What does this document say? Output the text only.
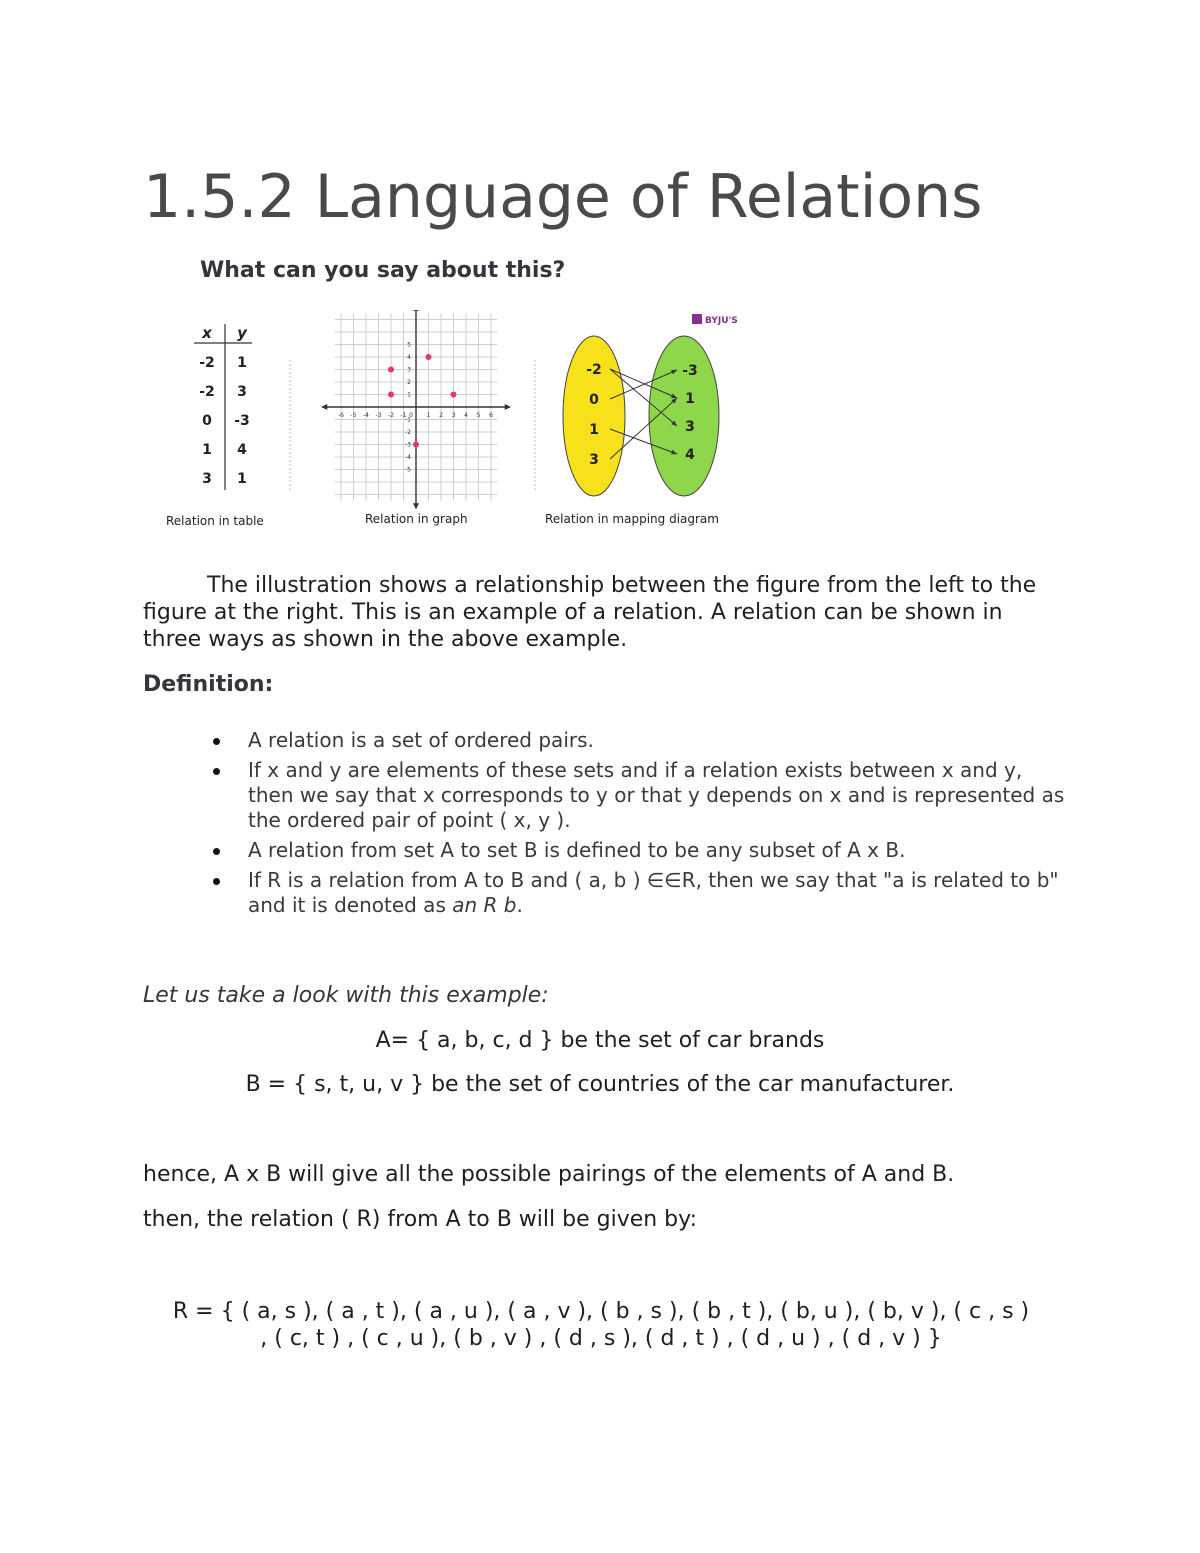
1.5.2 Language of Relations
What can you say about this?
x y
-2 1
-2 3
0 -3
1 4
3 1
-6 -5 -4 -3 -2 -1 0 1 2 3 4 5 6
5
4
3
2
1
-1
-2
-3
-4
-5
BYJU'S
-2
0
1
3
-3
1
3
4
Relation in table	Relation in graph	Relation in mapping diagram

The illustration shows a relationship between the figure from the left to the figure at the right. This is an example of a relation. A relation can be shown in three ways as shown in the above example.

Definition:
A relation is a set of ordered pairs.
If x and y are elements of these sets and if a relation exists between x and y, then we say that x corresponds to y or that y depends on x and is represented as the ordered pair of point ( x, y ).
A relation from set A to set B is defined to be any subset of A x B.
If R is a relation from A to B and ( a, b ) ∈∈R, then we say that "a is related to b" and it is denoted as an R b.

Let us take a look with this example:

A= { a, b, c, d } be the set of car brands

B = { s, t, u, v } be the set of countries of the car manufacturer.

hence, A x B will give all the possible pairings of the elements of A and B.

then, the relation ( R) from A to B will be given by:

R = { ( a, s ), ( a , t ), ( a , u ), ( a , v ), ( b , s ), ( b , t ), ( b, u ), ( b, v ), ( c , s )
, ( c, t ) , ( c , u ), ( b , v ) , ( d , s ), ( d , t ) , ( d , u ) , ( d , v ) }
